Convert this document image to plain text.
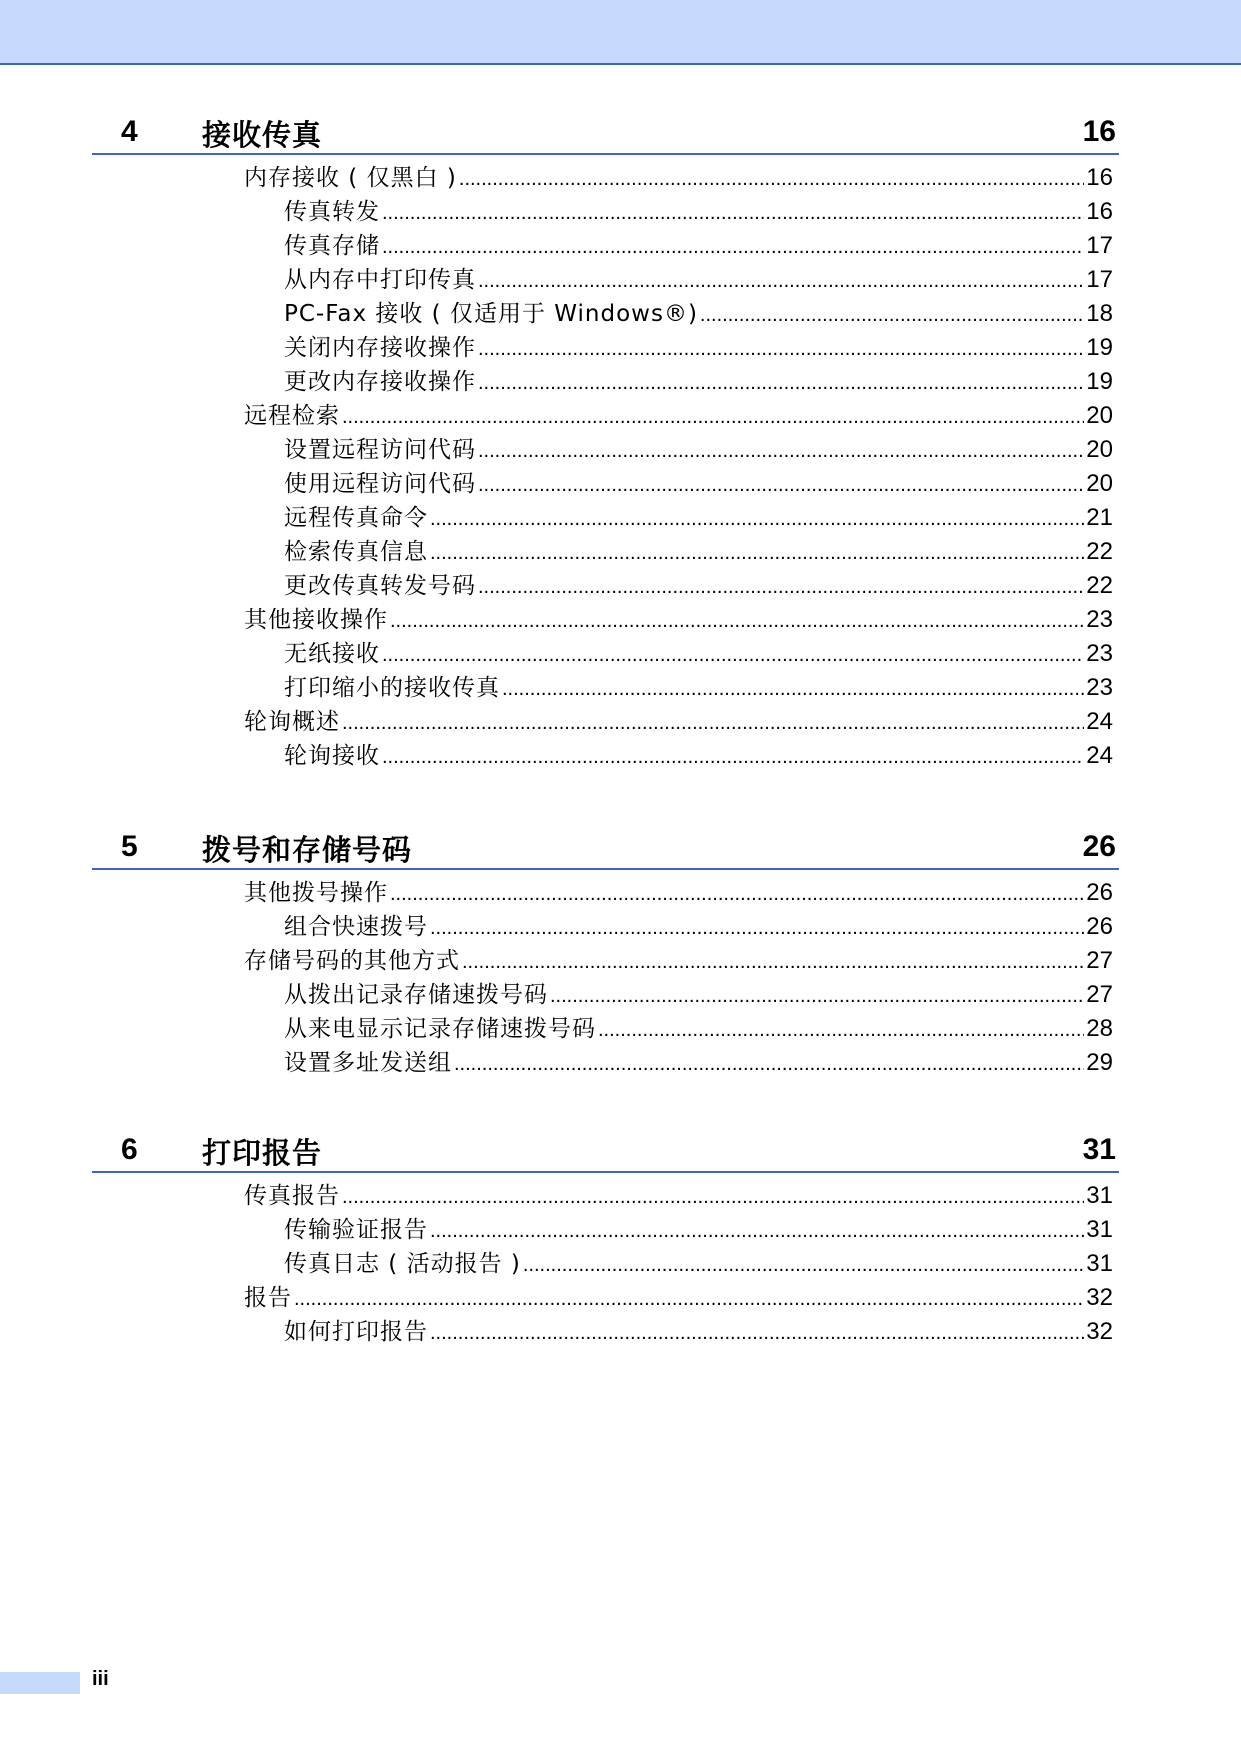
4 接收传真	16
内存接收 ( 仅黑白 ) .....	16
传真转发 .....	16
传真存储 .....	17
从内存中打印传真 .....	17
PC-Fax 接收 ( 仅适用于 Windows®) .....	18
关闭内存接收操作 .....	19
更改内存接收操作 .....	19
远程检索 .....	20
设置远程访问代码 .....	20
使用远程访问代码 .....	20
远程传真命令 .....	21
检索传真信息 .....	22
更改传真转发号码 .....	22
其他接收操作 .....	23
无纸接收 .....	23
打印缩小的接收传真 .....	23
轮询概述 .....	24
轮询接收 .....	24
5 拨号和存储号码	26
其他拨号操作 .....	26
组合快速拨号 .....	26
存储号码的其他方式 .....	27
从拨出记录存储速拨号码 .....	27
从来电显示记录存储速拨号码 .....	28
设置多址发送组 .....	29
6 打印报告	31
传真报告 .....	31
传输验证报告 .....	31
传真日志 ( 活动报告 ) .....	31
报告 .....	32
如何打印报告 .....	32
iii
